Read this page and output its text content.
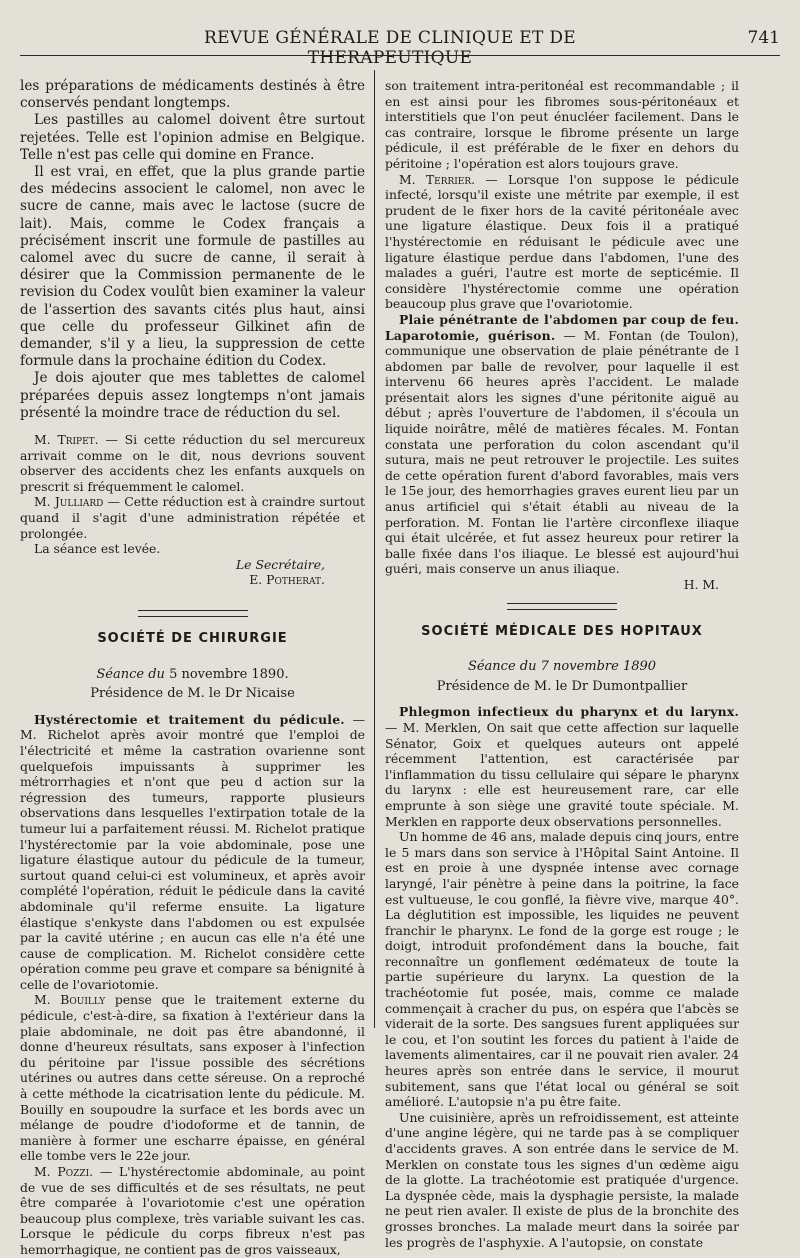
REVUE GÉNÉRALE DE CLINIQUE ET DE THERAPEUTIQUE
741

les préparations de médicaments destinés à être conservés pendant longtemps.

Les pastilles au calomel doivent être surtout rejetées. Telle est l'opinion admise en Belgique. Telle n'est pas celle qui domine en France.

Il est vrai, en effet, que la plus grande partie des médecins associent le calomel, non avec le sucre de canne, mais avec le lactose (sucre de lait). Mais, comme le Codex français a précisément inscrit une formule de pastilles au calomel avec du sucre de canne, il serait à désirer que la Commission permanente de le revision du Codex voulût bien examiner la valeur de l'assertion des savants cités plus haut, ainsi que celle du professeur Gilkinet afin de demander, s'il y a lieu, la suppression de cette formule dans la prochaine édition du Codex.

Je dois ajouter que mes tablettes de calomel préparées depuis assez longtemps n'ont jamais présenté la moindre trace de réduction du sel.

M. Tripet. — Si cette réduction du sel mercureux arrivait comme on le dit, nous devrions souvent observer des accidents chez les enfants auxquels on prescrit si fréquemment le calomel.

M. Julliard — Cette réduction est à craindre surtout quand il s'agit d'une administration répétée et prolongée.

La séance est levée.

Le Secrétaire,

E. Potherat.

SOCIÉTÉ DE CHIRURGIE
Séance du 5 novembre 1890.
Présidence de M. le Dr Nicaise

Hystérectomie et traitement du pédicule. — M. Richelot après avoir montré que l'emploi de l'électricité et même la castration ovarienne sont quelquefois impuissants à supprimer les métrorrhagies et n'ont que peu d action sur la régression des tumeurs, rapporte plusieurs observations dans lesquelles l'extirpation totale de la tumeur lui a parfaitement réussi. M. Richelot pratique l'hystérectomie par la voie abdominale, pose une ligature élastique autour du pédicule de la tumeur, surtout quand celui-ci est volumineux, et après avoir complété l'opération, réduit le pédicule dans la cavité abdominale qu'il referme ensuite. La ligature élastique s'enkyste dans l'abdomen ou est expulsée par la cavité utérine ; en aucun cas elle n'a été une cause de complication. M. Richelot considère cette opération comme peu grave et compare sa bénignité à celle de l'ovariotomie.

M. Bouilly pense que le traitement externe du pédicule, c'est-à-dire, sa fixation à l'extérieur dans la plaie abdominale, ne doit pas être abandonné, il donne d'heureux résultats, sans exposer à l'infection du péritoine par l'issue possible des sécrétions utérines ou autres dans cette séreuse. On a reproché à cette méthode la cicatrisation lente du pédicule. M. Bouilly en soupoudre la surface et les bords avec un mélange de poudre d'iodoforme et de tannin, de manière à former une escharre épaisse, en général elle tombe vers le 22e jour.

M. Pozzi. — L'hystérectomie abdominale, au point de vue de ses difficultés et de ses résultats, ne peut être comparée à l'ovariotomie c'est une opération beaucoup plus complexe, très variable suivant les cas. Lorsque le pédicule du corps fibreux n'est pas hemorrhagique, ne contient pas de gros vaisseaux,

son traitement intra-peritonéal est recommandable ; il en est ainsi pour les fibromes sous-péritonéaux et interstitiels que l'on peut énucléer facilement. Dans le cas contraire, lorsque le fibrome présente un large pédicule, il est préférable de le fixer en dehors du péritoine ; l'opération est alors toujours grave.

M. Terrier. — Lorsque l'on suppose le pédicule infecté, lorsqu'il existe une métrite par exemple, il est prudent de le fixer hors de la cavité péritonéale avec une ligature élastique. Deux fois il a pratiqué l'hystérectomie en réduisant le pédicule avec une ligature élastique perdue dans l'abdomen, l'une des malades a guéri, l'autre est morte de septicémie. Il considère l'hystérectomie comme une opération beaucoup plus grave que l'ovariotomie.

Plaie pénétrante de l'abdomen par coup de feu. Laparotomie, guérison. — M. Fontan (de Toulon), communique une observation de plaie pénétrante de l abdomen par balle de revolver, pour laquelle il est intervenu 66 heures après l'accident. Le malade présentait alors les signes d'une péritonite aiguë au début ; après l'ouverture de l'abdomen, il s'écoula un liquide noirâtre, mêlé de matières fécales. M. Fontan constata une perforation du colon ascendant qu'il sutura, mais ne peut retrouver le projectile. Les suites de cette opération furent d'abord favorables, mais vers le 15e jour, des hemorrhagies graves eurent lieu par un anus artificiel qui s'était établi au niveau de la perforation. M. Fontan lie l'artère circonflexe iliaque qui était ulcérée, et fut assez heureux pour retirer la balle fixée dans l'os iliaque. Le blessé est aujourd'hui guéri, mais conserve un anus iliaque.

H. M.

SOCIÉTÉ MÉDICALE DES HOPITAUX
Séance du 7 novembre 1890
Présidence de M. le Dr Dumontpallier

Phlegmon infectieux du pharynx et du larynx. — M. Merklen, On sait que cette affection sur laquelle Sénator, Goix et quelques auteurs ont appelé récemment l'attention, est caractérisée par l'inflammation du tissu cellulaire qui sépare le pharynx du larynx : elle est heureusement rare, car elle emprunte à son siège une gravité toute spéciale. M. Merklen en rapporte deux observations personnelles.

Un homme de 46 ans, malade depuis cinq jours, entre le 5 mars dans son service à l'Hôpital Saint Antoine. Il est en proie à une dyspnée intense avec cornage laryngé, l'air pénètre à peine dans la poitrine, la face est vultueuse, le cou gonflé, la fièvre vive, marque 40°. La déglutition est impossible, les liquides ne peuvent franchir le pharynx. Le fond de la gorge est rouge ; le doigt, introduit profondément dans la bouche, fait reconnaître un gonflement œdémateux de toute la partie supérieure du larynx. La question de la trachéotomie fut posée, mais, comme ce malade commençait à cracher du pus, on espéra que l'abcès se viderait de la sorte. Des sangsues furent appliquées sur le cou, et l'on soutint les forces du patient à l'aide de lavements alimentaires, car il ne pouvait rien avaler. 24 heures après son entrée dans le service, il mourut subitement, sans que l'état local ou général se soit amélioré. L'autopsie n'a pu être faite.

Une cuisinière, après un refroidissement, est atteinte d'une angine légère, qui ne tarde pas à se compliquer d'accidents graves. A son entrée dans le service de M. Merklen on constate tous les signes d'un œdème aigu de la glotte. La trachéotomie est pratiquée d'urgence. La dyspnée cède, mais la dysphagie persiste, la malade ne peut rien avaler. Il existe de plus de la bronchite des grosses bronches. La malade meurt dans la soirée par les progrès de l'asphyxie. A l'autopsie, on constate
